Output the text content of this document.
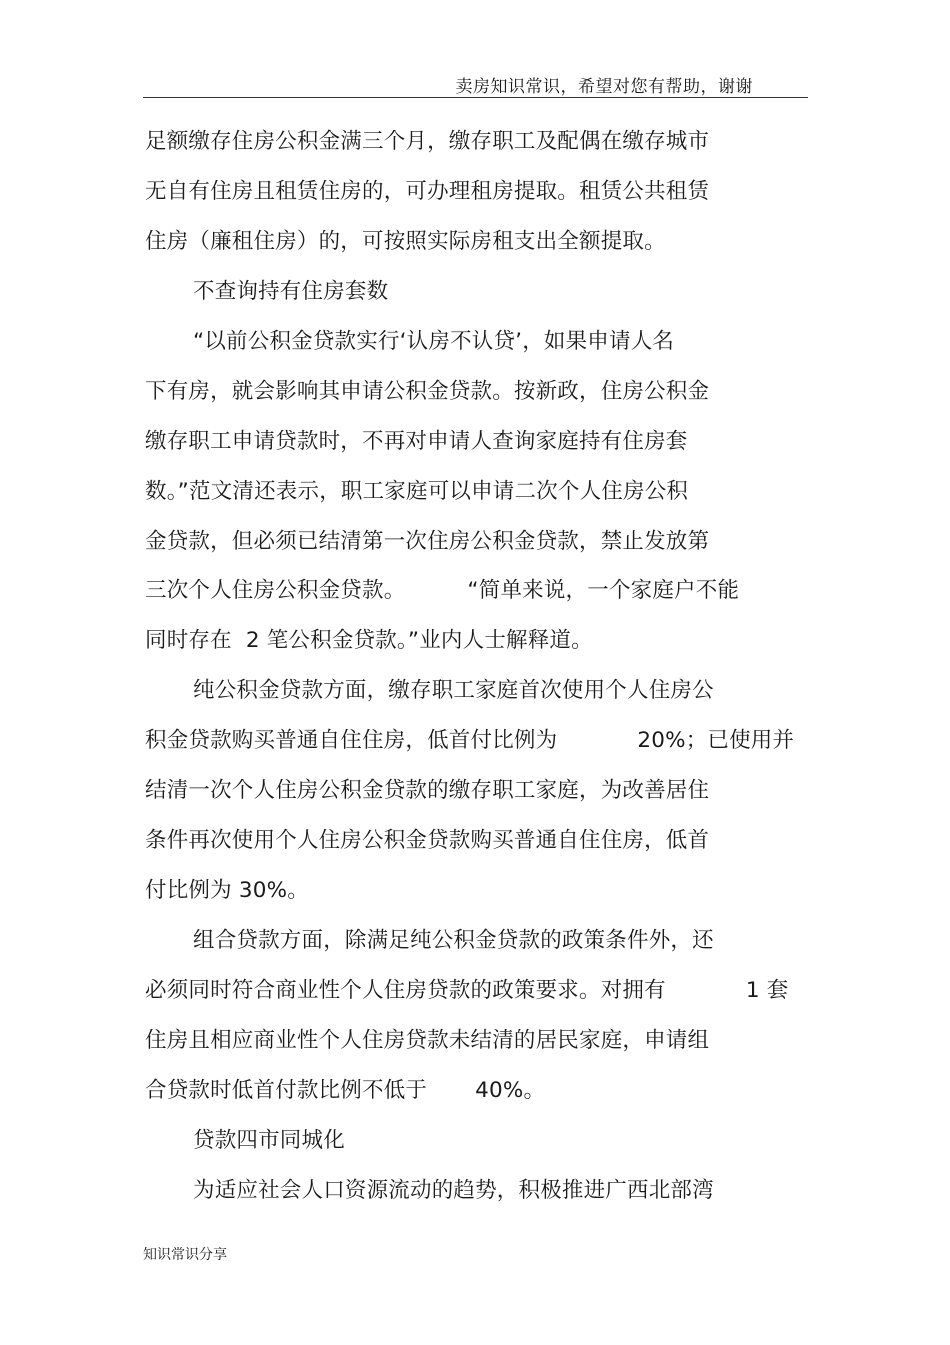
卖房知识常识，希望对您有帮助，谢谢
足额缴存住房公积金满三个月，缴存职工及配偶在缴存城市
无自有住房且租赁住房的，可办理租房提取。租赁公共租赁
住房（廉租住房）的，可按照实际房租支出全额提取。
不查询持有住房套数
“以前公积金贷款实行‘认房不认贷’，如果申请人名
下有房，就会影响其申请公积金贷款。按新政，住房公积金
缴存职工申请贷款时，不再对申请人查询家庭持有住房套
数。”范文清还表示，职工家庭可以申请二次个人住房公积
金贷款，但必须已结清第一次住房公积金贷款，禁止发放第
三次个人住房公积金贷款。	“简单来说，一个家庭户不能
同时存在 2 笔公积金贷款。”业内人士解释道。
纯公积金贷款方面，缴存职工家庭首次使用个人住房公
积金贷款购买普通自住住房，低首付比例为	20%；已使用并
结清一次个人住房公积金贷款的缴存职工家庭，为改善居住
条件再次使用个人住房公积金贷款购买普通自住住房，低首
付比例为 30%。
组合贷款方面，除满足纯公积金贷款的政策条件外，还
必须同时符合商业性个人住房贷款的政策要求。对拥有	1 套
住房且相应商业性个人住房贷款未结清的居民家庭，申请组
合贷款时低首付款比例不低于 40%。
贷款四市同城化
为适应社会人口资源流动的趋势，积极推进广西北部湾
知识常识分享
